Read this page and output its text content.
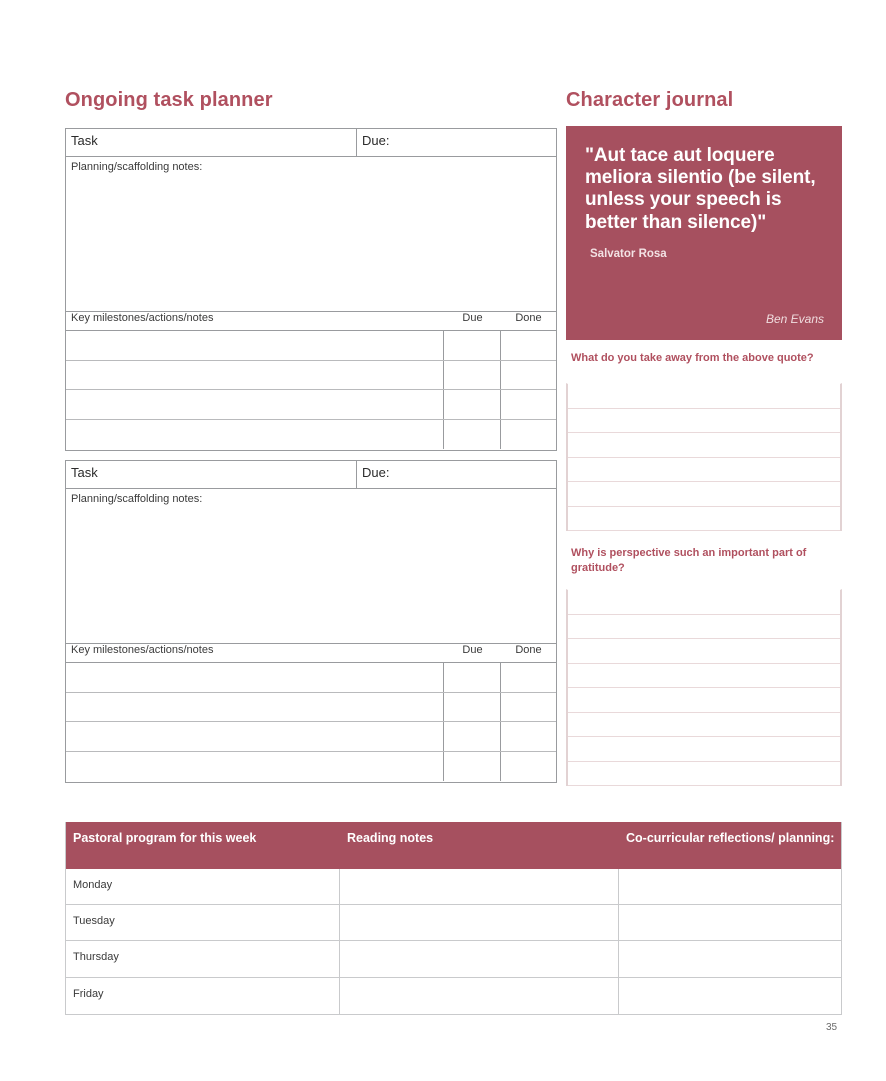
Ongoing task planner	Character journal
Task	Due:
Planning/scaffolding notes:
Key milestones/actions/notes	Due	Done
Task	Due:
Planning/scaffolding notes:
Key milestones/actions/notes	Due	Done
"Aut tace aut loquere meliora silentio (be silent, unless your speech is better than silence)"
Salvator Rosa
Ben Evans
What do you take away from the above quote?
Why is perspective such an important part of gratitude?
Pastoral program for this week	Reading notes	Co-curricular reflections/ planning:
Monday
Tuesday
Thursday
Friday
35
